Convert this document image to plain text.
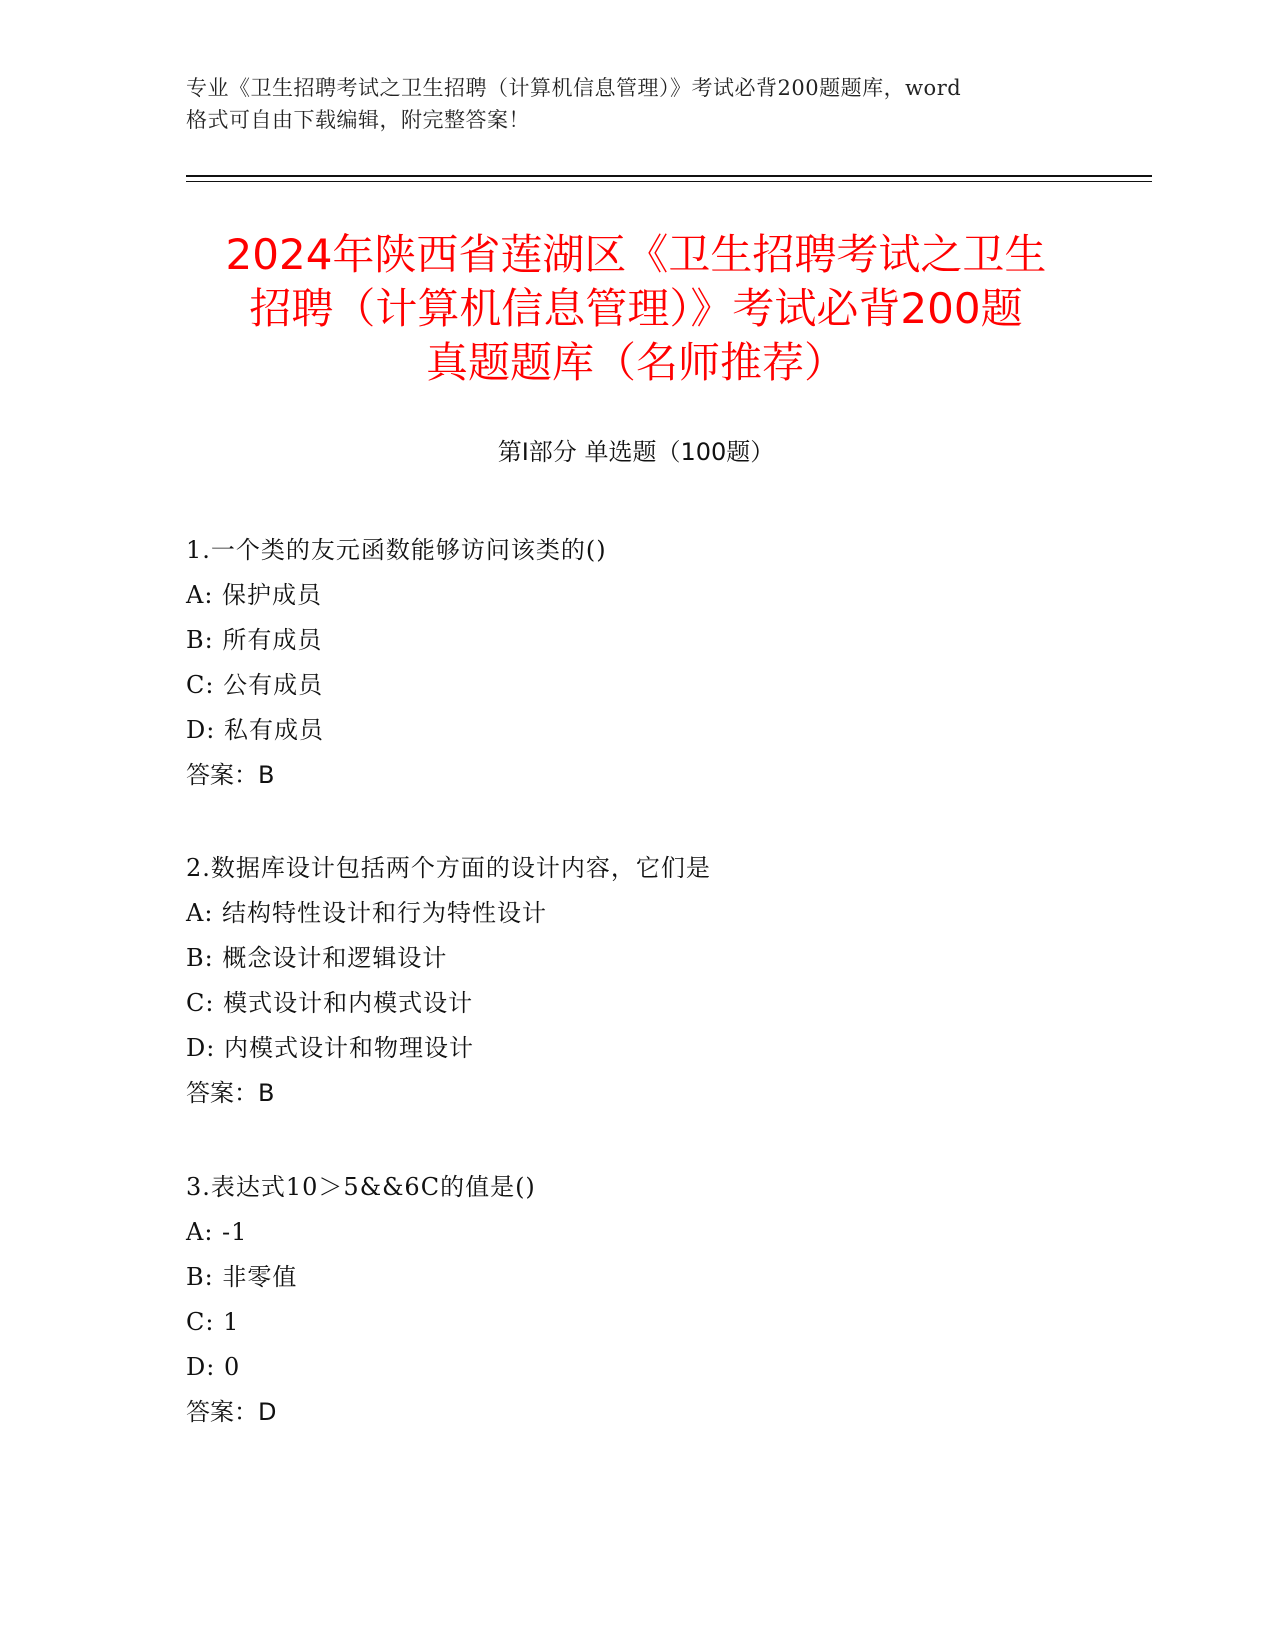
专业《卫生招聘考试之卫生招聘（计算机信息管理）》考试必背200题题库，word
格式可自由下载编辑，附完整答案！
2024年陕西省莲湖区《卫生招聘考试之卫生
招聘（计算机信息管理）》考试必背200题
真题题库（名师推荐）
第I部分 单选题（100题）
1.一个类的友元函数能够访问该类的()
A: 保护成员
B: 所有成员
C: 公有成员
D: 私有成员
答案：B
2.数据库设计包括两个方面的设计内容，它们是
A: 结构特性设计和行为特性设计
B: 概念设计和逻辑设计
C: 模式设计和内模式设计
D: 内模式设计和物理设计
答案：B
3.表达式10＞5&&6C的值是()
A: -1
B: 非零值
C: 1
D: 0
答案：D
